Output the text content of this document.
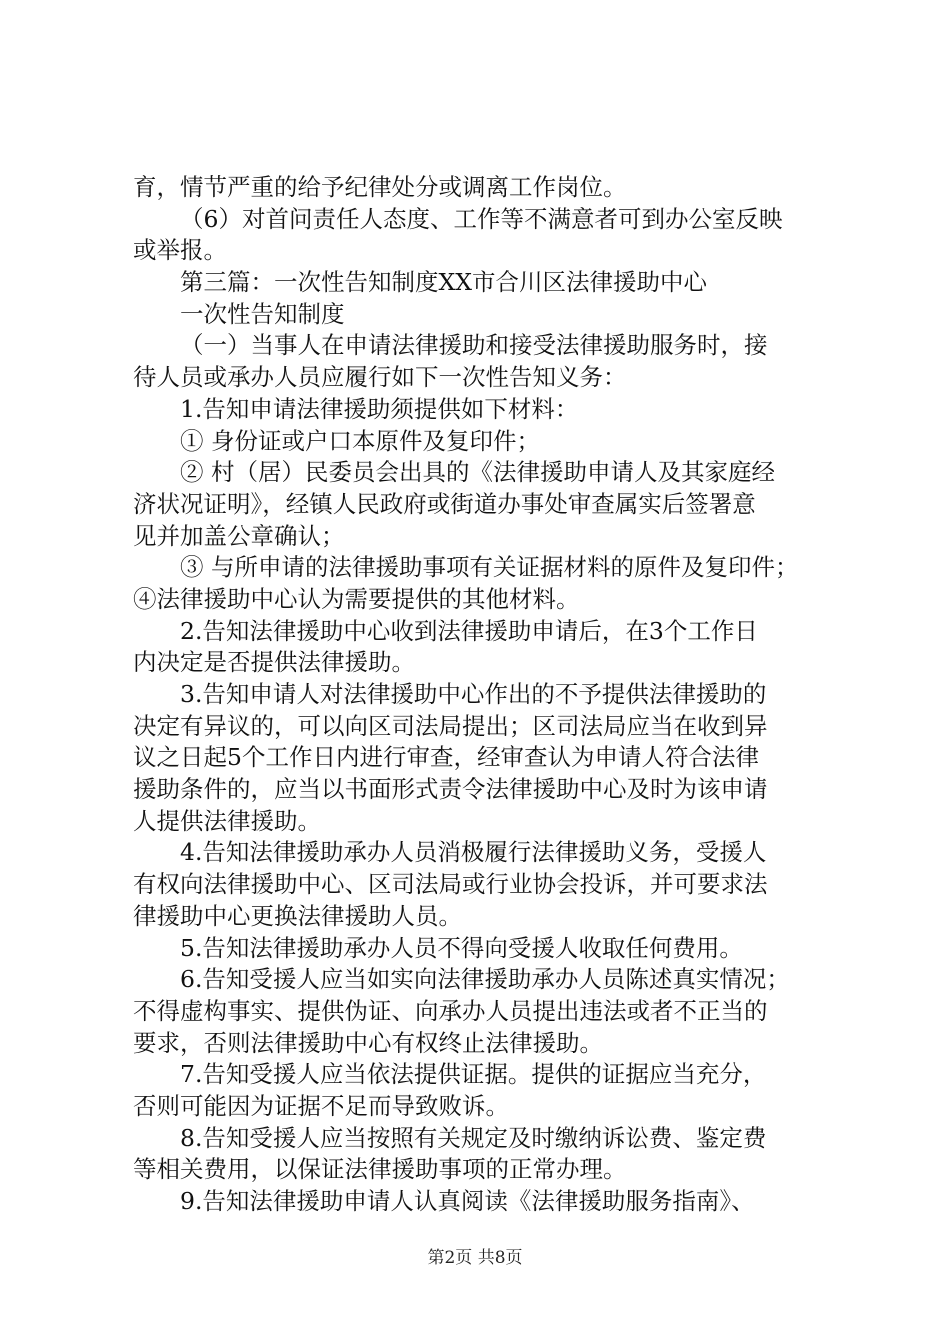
育，情节严重的给予纪律处分或调离工作岗位。
（6）对首问责任人态度、工作等不满意者可到办公室反映
或举报。
第三篇：一次性告知制度XX市合川区法律援助中心
一次性告知制度
（一）当事人在申请法律援助和接受法律援助服务时，接
待人员或承办人员应履行如下一次性告知义务：
1.告知申请法律援助须提供如下材料：
① 身份证或户口本原件及复印件；
② 村（居）民委员会出具的《法律援助申请人及其家庭经
济状况证明》，经镇人民政府或街道办事处审查属实后签署意
见并加盖公章确认；
③ 与所申请的法律援助事项有关证据材料的原件及复印件；
④法律援助中心认为需要提供的其他材料。
2.告知法律援助中心收到法律援助申请后，在3个工作日
内决定是否提供法律援助。
3.告知申请人对法律援助中心作出的不予提供法律援助的
决定有异议的，可以向区司法局提出；区司法局应当在收到异
议之日起5个工作日内进行审查，经审查认为申请人符合法律
援助条件的，应当以书面形式责令法律援助中心及时为该申请
人提供法律援助。
4.告知法律援助承办人员消极履行法律援助义务，受援人
有权向法律援助中心、区司法局或行业协会投诉，并可要求法
律援助中心更换法律援助人员。
5.告知法律援助承办人员不得向受援人收取任何费用。
6.告知受援人应当如实向法律援助承办人员陈述真实情况；
不得虚构事实、提供伪证、向承办人员提出违法或者不正当的
要求，否则法律援助中心有权终止法律援助。
7.告知受援人应当依法提供证据。提供的证据应当充分，
否则可能因为证据不足而导致败诉。
8.告知受援人应当按照有关规定及时缴纳诉讼费、鉴定费
等相关费用，以保证法律援助事项的正常办理。
9.告知法律援助申请人认真阅读《法律援助服务指南》、
第2页 共8页
